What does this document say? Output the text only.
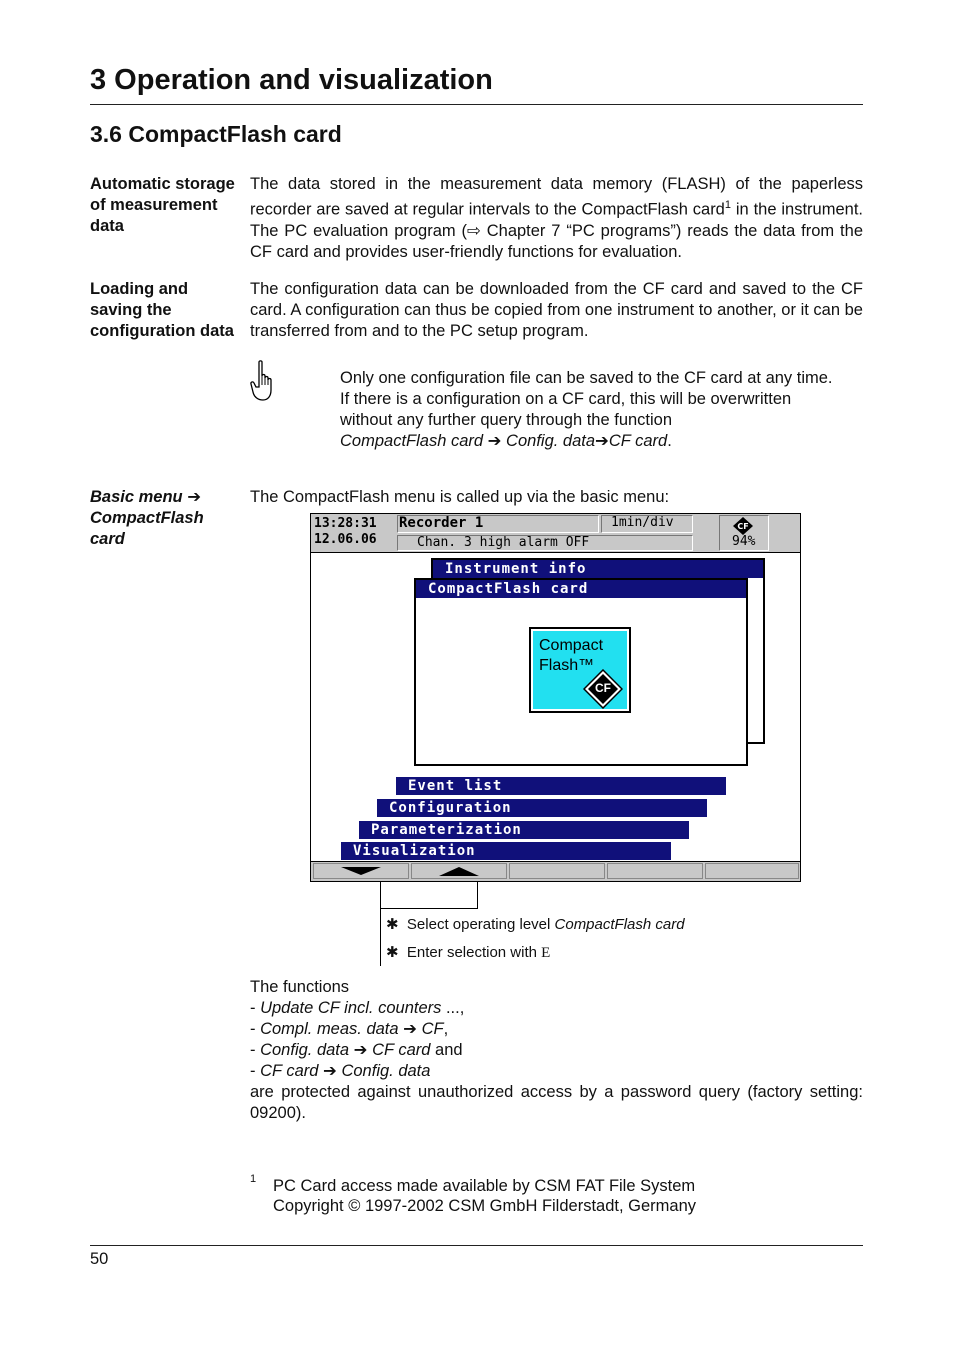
3 Operation and visualization
3.6 CompactFlash card
Automatic storage of measurement data
The data stored in the measurement data memory (FLASH) of the paperless recorder are saved at regular intervals to the CompactFlash card$^1$ in the instrument. The PC evaluation program (⇨ Chapter 7 “PC programs”) reads the data from the CF card and provides user-friendly functions for evaluation.
Loading and saving the configuration data
The configuration data can be downloaded from the CF card and saved to the CF card. A configuration can thus be copied from one instrument to another, or it can be transferred from and to the PC setup program.
Only one configuration file can be saved to the CF card at any time. If there is a configuration on a CF card, this will be overwritten without any further query through the function
CompactFlash card ➔ Config. data➔CF card.
Basic menu ➔
CompactFlash
card
The CompactFlash menu is called up via the basic menu:
13:28:31
12.06.06
Recorder 1	1min/div
Chan. 3 high alarm OFF
CF
94%
Instrument info
CompactFlash card
Compact
Flash™
CF
Event list
Configuration
Parameterization
Visualization
✱ Select operating level CompactFlash card
✱ Enter selection with E
The functions
- Update CF incl. counters ...,
- Compl. meas. data ➔ CF,
- Config. data ➔ CF card and
- CF card ➔ Config. data
are protected against unauthorized access by a password query (factory setting: 09200).
1 PC Card access made available by CSM FAT File System
Copyright © 1997-2002 CSM GmbH Filderstadt, Germany
50
